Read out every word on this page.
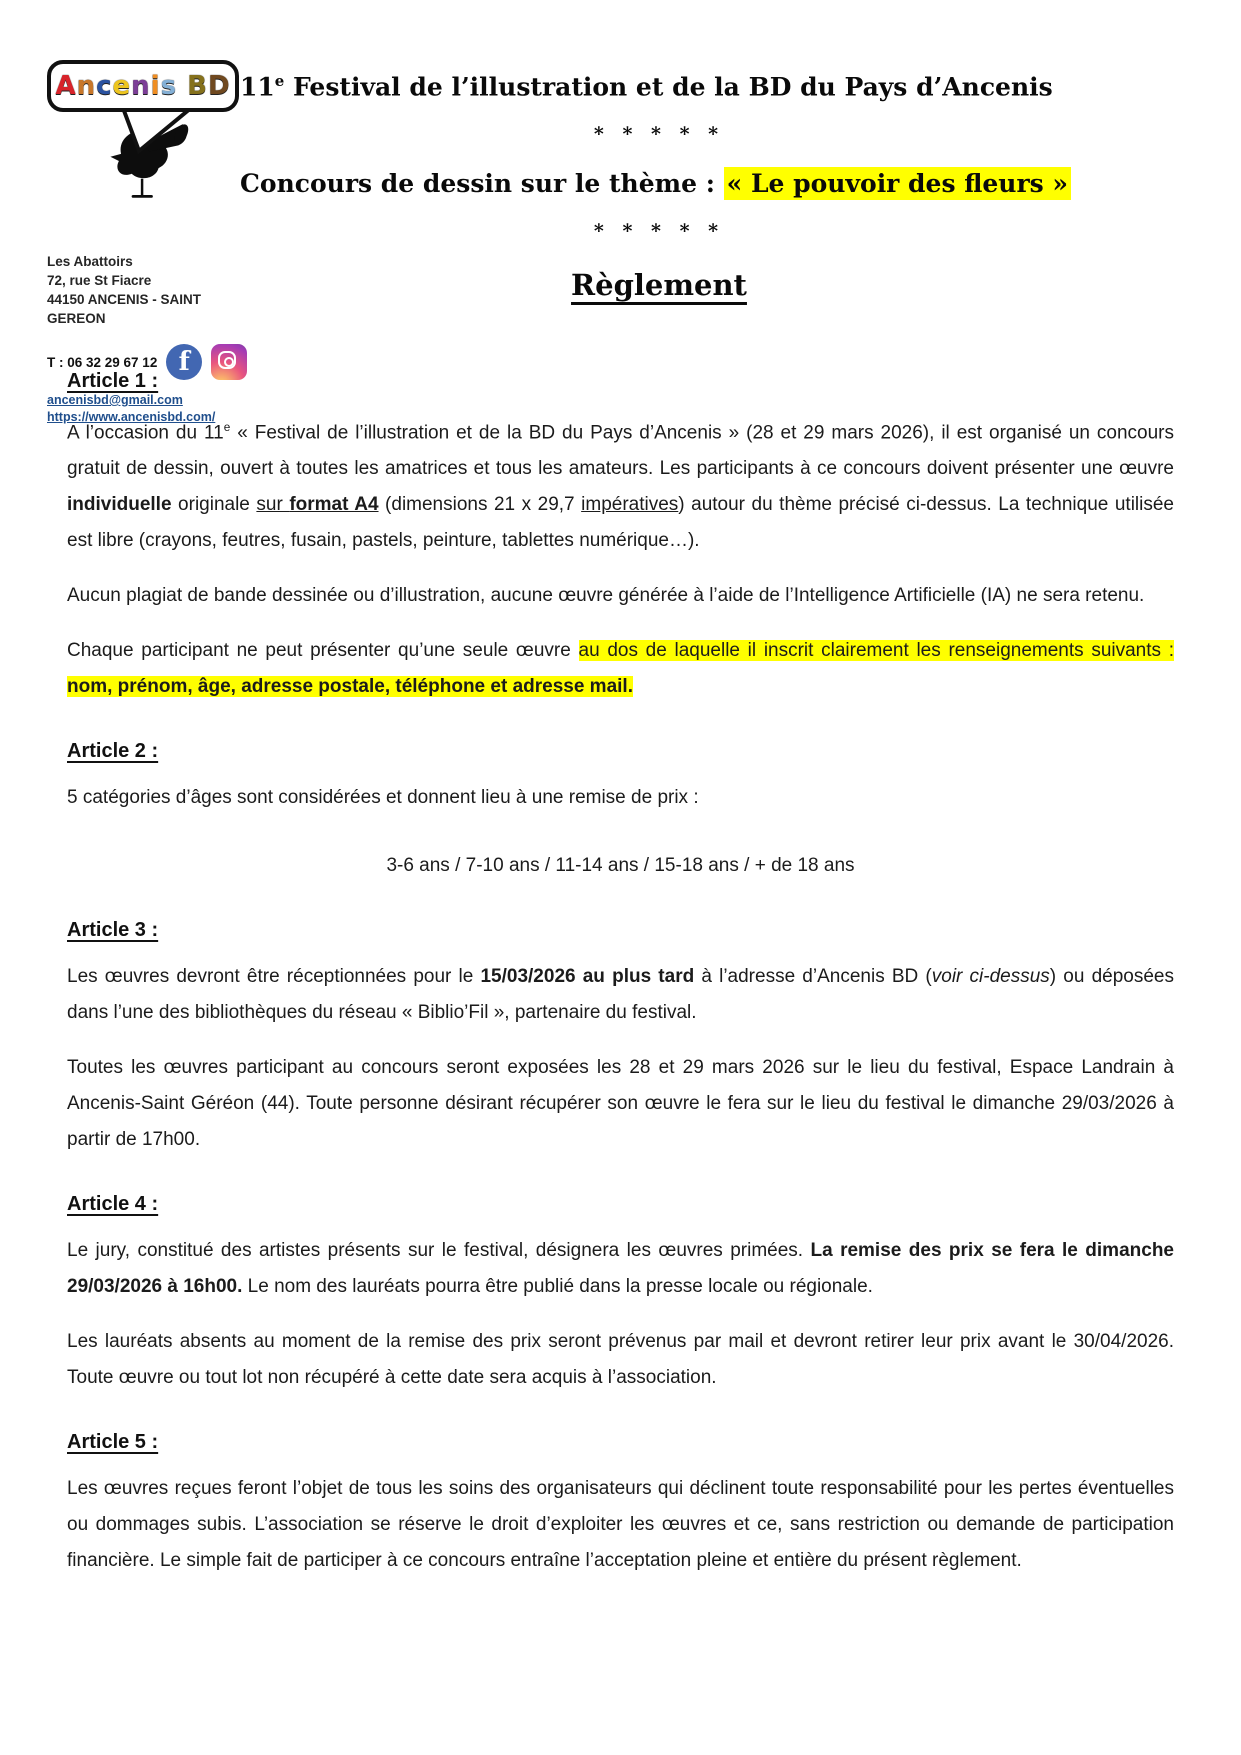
A n c e n i s
B D
Les Abattoirs
72, rue St Fiacre
44150 ANCENIS - SAINT GEREON
T : 06 32 29 67 12 f
ancenisbd@gmail.com
https://www.ancenisbd.com/
11e Festival de l’illustration et de la BD du Pays d’Ancenis
* * * * *
Concours de dessin sur le thème : « Le pouvoir des fleurs »
* * * * *
Règlement
Article 1 :

A l’occasion du 11e « Festival de l’illustration et de la BD du Pays d’Ancenis » (28 et 29 mars 2026), il est organisé un concours gratuit de dessin, ouvert à toutes les amatrices et tous les amateurs. Les participants à ce concours doivent présenter une œuvre individuelle originale sur format A4 (dimensions 21 x 29,7 impératives) autour du thème précisé ci-dessus. La technique utilisée est libre (crayons, feutres, fusain, pastels, peinture, tablettes numérique…).

Aucun plagiat de bande dessinée ou d’illustration, aucune œuvre générée à l’aide de l’Intelligence Artificielle (IA) ne sera retenu.

Chaque participant ne peut présenter qu’une seule œuvre au dos de laquelle il inscrit clairement les renseignements suivants : nom, prénom, âge, adresse postale, téléphone et adresse mail.

Article 2 :

5 catégories d’âges sont considérées et donnent lieu à une remise de prix :

3-6 ans / 7-10 ans / 11-14 ans / 15-18 ans / + de 18 ans

Article 3 :

Les œuvres devront être réceptionnées pour le 15/03/2026 au plus tard à l’adresse d’Ancenis BD (voir ci-dessus) ou déposées dans l’une des bibliothèques du réseau « Biblio’Fil », partenaire du festival.

Toutes les œuvres participant au concours seront exposées les 28 et 29 mars 2026 sur le lieu du festival, Espace Landrain à Ancenis-Saint Géréon (44). Toute personne désirant récupérer son œuvre le fera sur le lieu du festival le dimanche 29/03/2026 à partir de 17h00.

Article 4 :

Le jury, constitué des artistes présents sur le festival, désignera les œuvres primées. La remise des prix se fera le dimanche 29/03/2026 à 16h00. Le nom des lauréats pourra être publié dans la presse locale ou régionale.

Les lauréats absents au moment de la remise des prix seront prévenus par mail et devront retirer leur prix avant le 30/04/2026. Toute œuvre ou tout lot non récupéré à cette date sera acquis à l’association.

Article 5 :

Les œuvres reçues feront l’objet de tous les soins des organisateurs qui déclinent toute responsabilité pour les pertes éventuelles ou dommages subis. L’association se réserve le droit d’exploiter les œuvres et ce, sans restriction ou demande de participation financière. Le simple fait de participer à ce concours entraîne l’acceptation pleine et entière du présent règlement.
